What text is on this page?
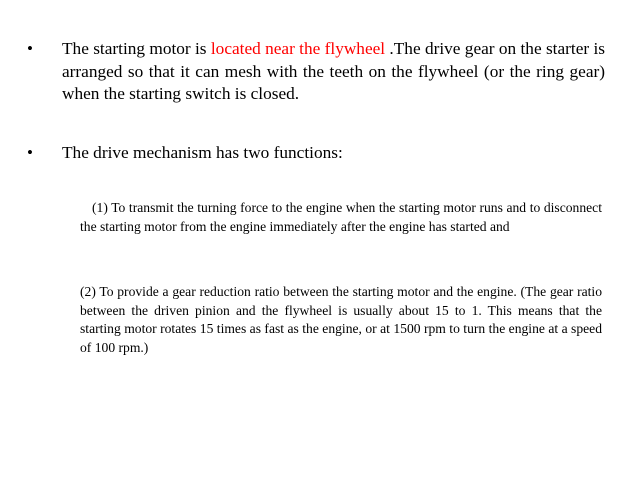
•	The starting motor is located near the flywheel .The drive gear on the starter is arranged so that it can mesh with the teeth on the flywheel (or the ring gear) when the starting switch is closed.

•	The drive mechanism has two functions:

(1) To transmit the turning force to the engine when the starting motor runs and to disconnect the starting motor from the engine immediately after the engine has started and

(2) To provide a gear reduction ratio between the starting motor and the engine. (The gear ratio between the driven pinion and the flywheel is usually about 15 to 1. This means that the starting motor rotates 15 times as fast as the engine, or at 1500 rpm to turn the engine at a speed of 100 rpm.)
